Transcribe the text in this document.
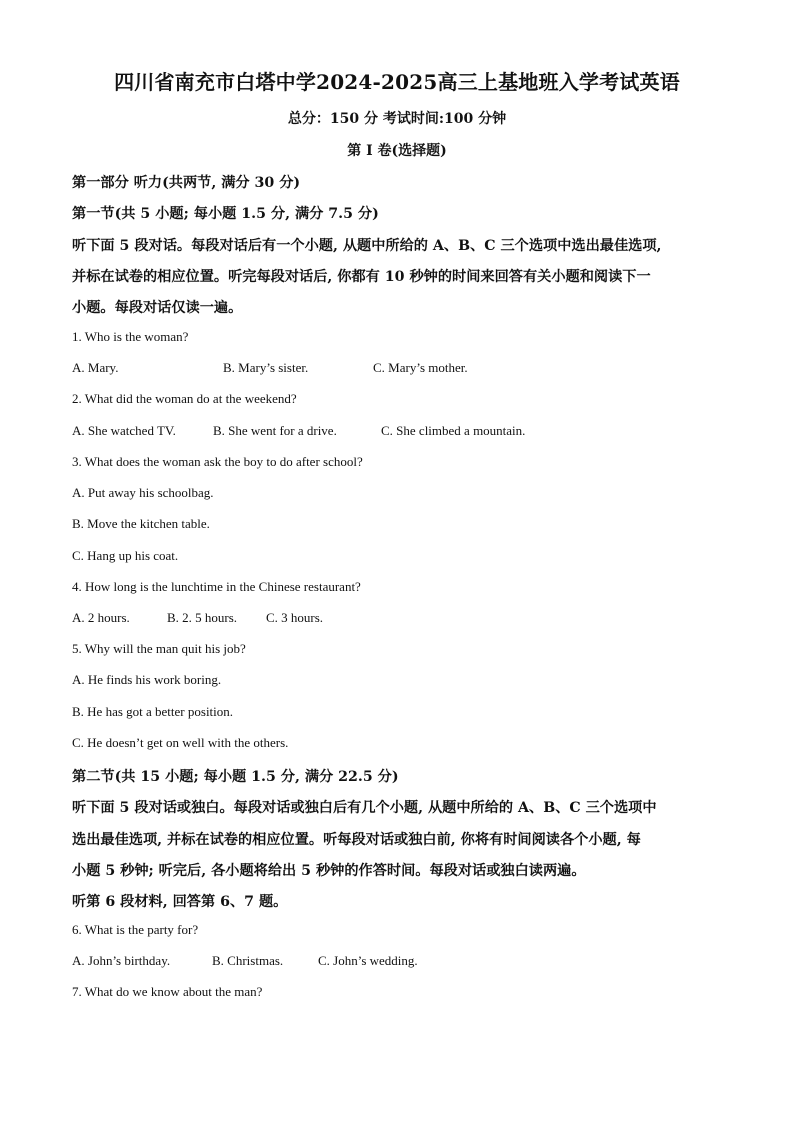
四川省南充市白塔中学2024-2025高三上基地班入学考试英语
总分：150 分 考试时间:100 分钟
第 I 卷(选择题)
第一部分 听力(共两节, 满分 30 分)
第一节(共 5 小题; 每小题 1.5 分, 满分 7.5 分)
听下面 5 段对话。每段对话后有一个小题, 从题中所给的 A、B、C 三个选项中选出最佳选项,
并标在试卷的相应位置。听完每段对话后, 你都有 10 秒钟的时间来回答有关小题和阅读下一
小题。每段对话仅读一遍。
1. Who is the woman?
A. Mary.	B. Mary’s sister.	C. Mary’s mother.
2. What did the woman do at the weekend?
A. She watched TV.	B. She went for a drive.	C. She climbed a mountain.
3. What does the woman ask the boy to do after school?
A. Put away his schoolbag.
B. Move the kitchen table.
C. Hang up his coat.
4. How long is the lunchtime in the Chinese restaurant?
A. 2 hours.	B. 2. 5 hours. C. 3 hours.
5. Why will the man quit his job?
A. He finds his work boring.
B. He has got a better position.
C. He doesn’t get on well with the others.
第二节(共 15 小题; 每小题 1.5 分, 满分 22.5 分)
听下面 5 段对话或独白。每段对话或独白后有几个小题, 从题中所给的 A、B、C 三个选项中
选出最佳选项, 并标在试卷的相应位置。听每段对话或独白前, 你将有时间阅读各个小题, 每
小题 5 秒钟; 听完后, 各小题将给出 5 秒钟的作答时间。每段对话或独白读两遍。
听第 6 段材料, 回答第 6、7 题。
6. What is the party for?
A. John’s birthday.	B. Christmas.	C. John’s wedding.
7. What do we know about the man?
